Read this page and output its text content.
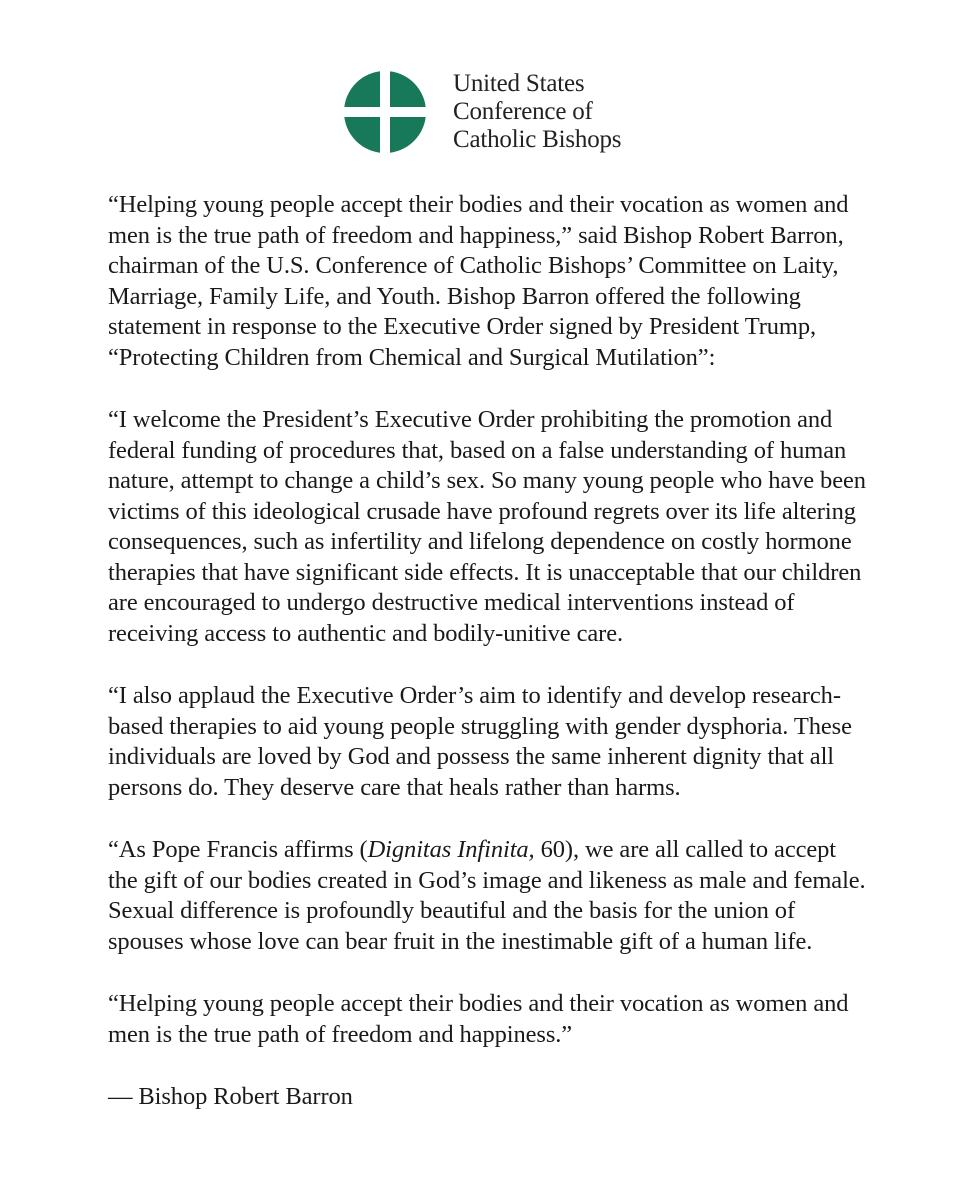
United States
Conference of
Catholic Bishops

“Helping young people accept their bodies and their vocation as women and men is the true path of freedom and happiness,” said Bishop Robert Barron, chairman of the U.S. Conference of Catholic Bishops’ Committee on Laity, Marriage, Family Life, and Youth. Bishop Barron offered the following statement in response to the Executive Order signed by President Trump, “Protecting Children from Chemical and Surgical Mutilation”:

“I welcome the President’s Executive Order prohibiting the promotion and federal funding of procedures that, based on a false understanding of human nature, attempt to change a child’s sex. So many young people who have been victims of this ideological crusade have profound regrets over its life altering consequences, such as infertility and lifelong dependence on costly hormone therapies that have significant side effects. It is unacceptable that our children are encouraged to undergo destructive medical interventions instead of receiving access to authentic and bodily-unitive care.

“I also applaud the Executive Order’s aim to identify and develop research-based therapies to aid young people struggling with gender dysphoria. These individuals are loved by God and possess the same inherent dignity that all persons do. They deserve care that heals rather than harms.

“As Pope Francis affirms (Dignitas Infinita, 60), we are all called to accept the gift of our bodies created in God’s image and likeness as male and female. Sexual difference is profoundly beautiful and the basis for the union of spouses whose love can bear fruit in the inestimable gift of a human life.

“Helping young people accept their bodies and their vocation as women and men is the true path of freedom and happiness.”

— Bishop Robert Barron
